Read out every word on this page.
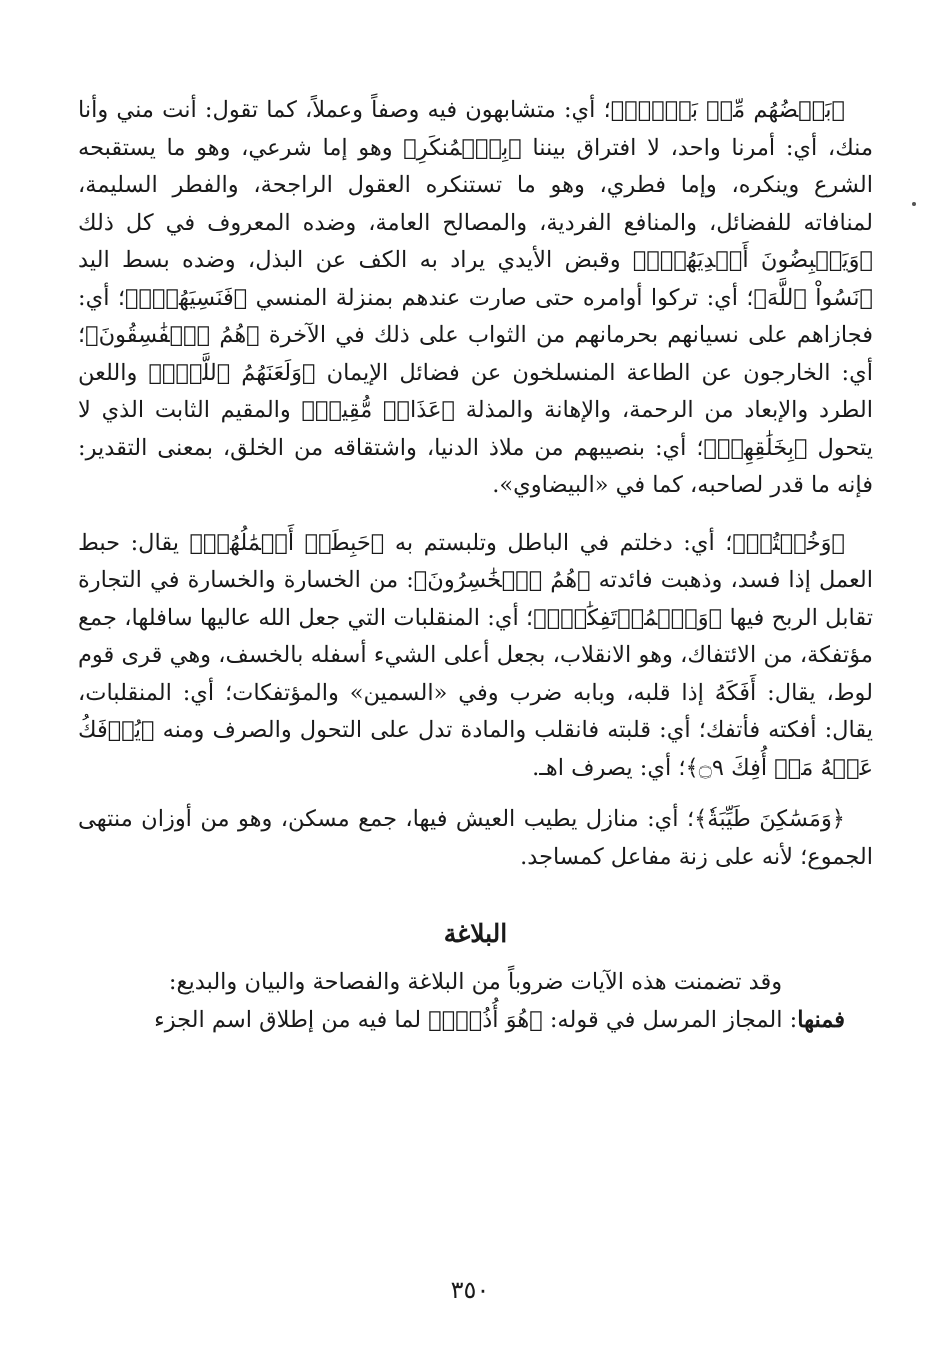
﴿بَعۡضُهُم مِّنۢ بَعۡضٖۚ﴾؛ أي: متشابهون فيه وصفاً وعملاً، كما تقول: أنت مني وأنا منك، أي: أمرنا واحد، لا افتراق بيننا ﴿بِٱلۡمُنكَرِ﴾ وهو إما شرعي، وهو ما يستقبحه الشرع وينكره، وإما فطري، وهو ما تستنكره العقول الراجحة، والفطر السليمة، لمنافاته للفضائل، والمنافع الفردية، والمصالح العامة، وضده المعروف في كل ذلك ﴿وَيَقۡبِضُونَ أَيۡدِيَهُمۡۚ﴾ وقبض الأيدي يراد به الكف عن البذل، وضده بسط اليد ﴿نَسُواْ ٱللَّهَ﴾؛ أي: تركوا أوامره حتى صارت عندهم بمنزلة المنسي ﴿فَنَسِيَهُمۡۚ﴾؛ أي: فجازاهم على نسيانهم بحرمانهم من الثواب على ذلك في الآخرة ﴿هُمُ ٱلۡفَٰسِقُونَ﴾؛ أي: الخارجون عن الطاعة المنسلخون عن فضائل الإيمان ﴿وَلَعَنَهُمُ ٱللَّهُۖ﴾ واللعن الطرد والإبعاد من الرحمة، والإهانة والمذلة ﴿عَذَابٞ مُّقِيمٞ﴾ والمقيم الثابت الذي لا يتحول ﴿بِخَلَٰقِهِمۡ﴾؛ أي: بنصيبهم من ملاذ الدنيا، واشتقاقه من الخلق، بمعنى التقدير: فإنه ما قدر لصاحبه، كما في «البيضاوي».

﴿وَخُضۡتُمۡ﴾؛ أي: دخلتم في الباطل وتلبستم به ﴿حَبِطَتۡ أَعۡمَٰلُهُمۡ﴾ يقال: حبط العمل إذا فسد، وذهبت فائدته ﴿هُمُ ٱلۡخَٰسِرُونَ﴾: من الخسارة والخسارة في التجارة تقابل الربح فيها ﴿وَٱلۡمُؤۡتَفِكَٰتِۚ﴾؛ أي: المنقلبات التي جعل الله عاليها سافلها، جمع مؤتفكة، من الائتفاك، وهو الانقلاب، بجعل أعلى الشيء أسفله بالخسف، وهي قرى قوم لوط، يقال: أَفَكَهُ إذا قلبه، وبابه ضرب وفي «السمين» والمؤتفكات؛ أي: المنقلبات، يقال: أفكته فأتفك؛ أي: قلبته فانقلب والمادة تدل على التحول والصرف ومنه ﴿يُؤۡفَكُ عَنۡهُ مَنۡ أُفِكَ ۝٩﴾؛ أي: يصرف اهـ.

﴿وَمَسَٰكِنَ طَيِّبَةٗ﴾؛ أي: منازل يطيب العيش فيها، جمع مسكن، وهو من أوزان منتهى الجموع؛ لأنه على زنة مفاعل كمساجد.

البلاغة

وقد تضمنت هذه الآيات ضروباً من البلاغة والفصاحة والبيان والبديع:

فمنها: المجاز المرسل في قوله: ﴿هُوَ أُذُنٞۚ﴾ لما فيه من إطلاق اسم الجزء

٣٥٠
